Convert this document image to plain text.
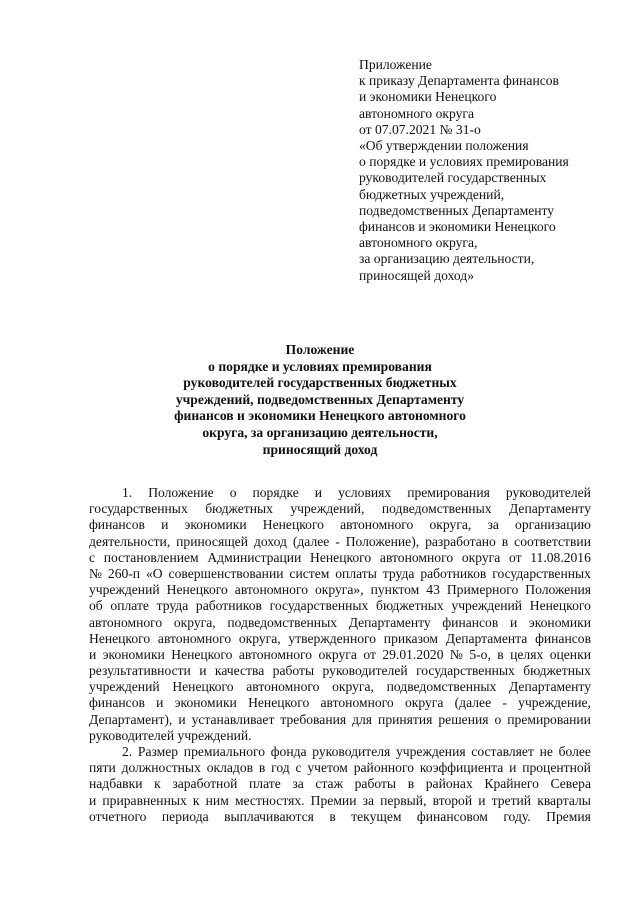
Приложение
к приказу Департамента финансов
и экономики Ненецкого
автономного округа
от 07.07.2021 № 31-о
«Об утверждении положения
о порядке и условиях премирования
руководителей государственных
бюджетных учреждений,
подведомственных Департаменту
финансов и экономики Ненецкого
автономного округа,
за организацию деятельности,
приносящей доход»
Положение
о порядке и условиях премирования
руководителей государственных бюджетных
учреждений, подведомственных Департаменту
финансов и экономики Ненецкого автономного
округа, за организацию деятельности,
приносящий доход
1. Положение о порядке и условиях премирования руководителей
государственных бюджетных учреждений, подведомственных Департаменту
финансов и экономики Ненецкого автономного округа, за организацию
деятельности, приносящей доход (далее - Положение), разработано в соответствии
с постановлением Администрации Ненецкого автономного округа от 11.08.2016
№ 260-п «О совершенствовании систем оплаты труда работников государственных
учреждений Ненецкого автономного округа», пунктом 43 Примерного Положения
об оплате труда работников государственных бюджетных учреждений Ненецкого
автономного округа, подведомственных Департаменту финансов и экономики
Ненецкого автономного округа, утвержденного приказом Департамента финансов
и экономики Ненецкого автономного округа от 29.01.2020 № 5-о, в целях оценки
результативности и качества работы руководителей государственных бюджетных
учреждений Ненецкого автономного округа, подведомственных Департаменту
финансов и экономики Ненецкого автономного округа (далее - учреждение,
Департамент), и устанавливает требования для принятия решения о премировании
руководителей учреждений.
2. Размер премиального фонда руководителя учреждения составляет не более
пяти должностных окладов в год с учетом районного коэффициента и процентной
надбавки к заработной плате за стаж работы в районах Крайнего Севера
и приравненных к ним местностях. Премии за первый, второй и третий кварталы
отчетного периода выплачиваются в текущем финансовом году. Премия
